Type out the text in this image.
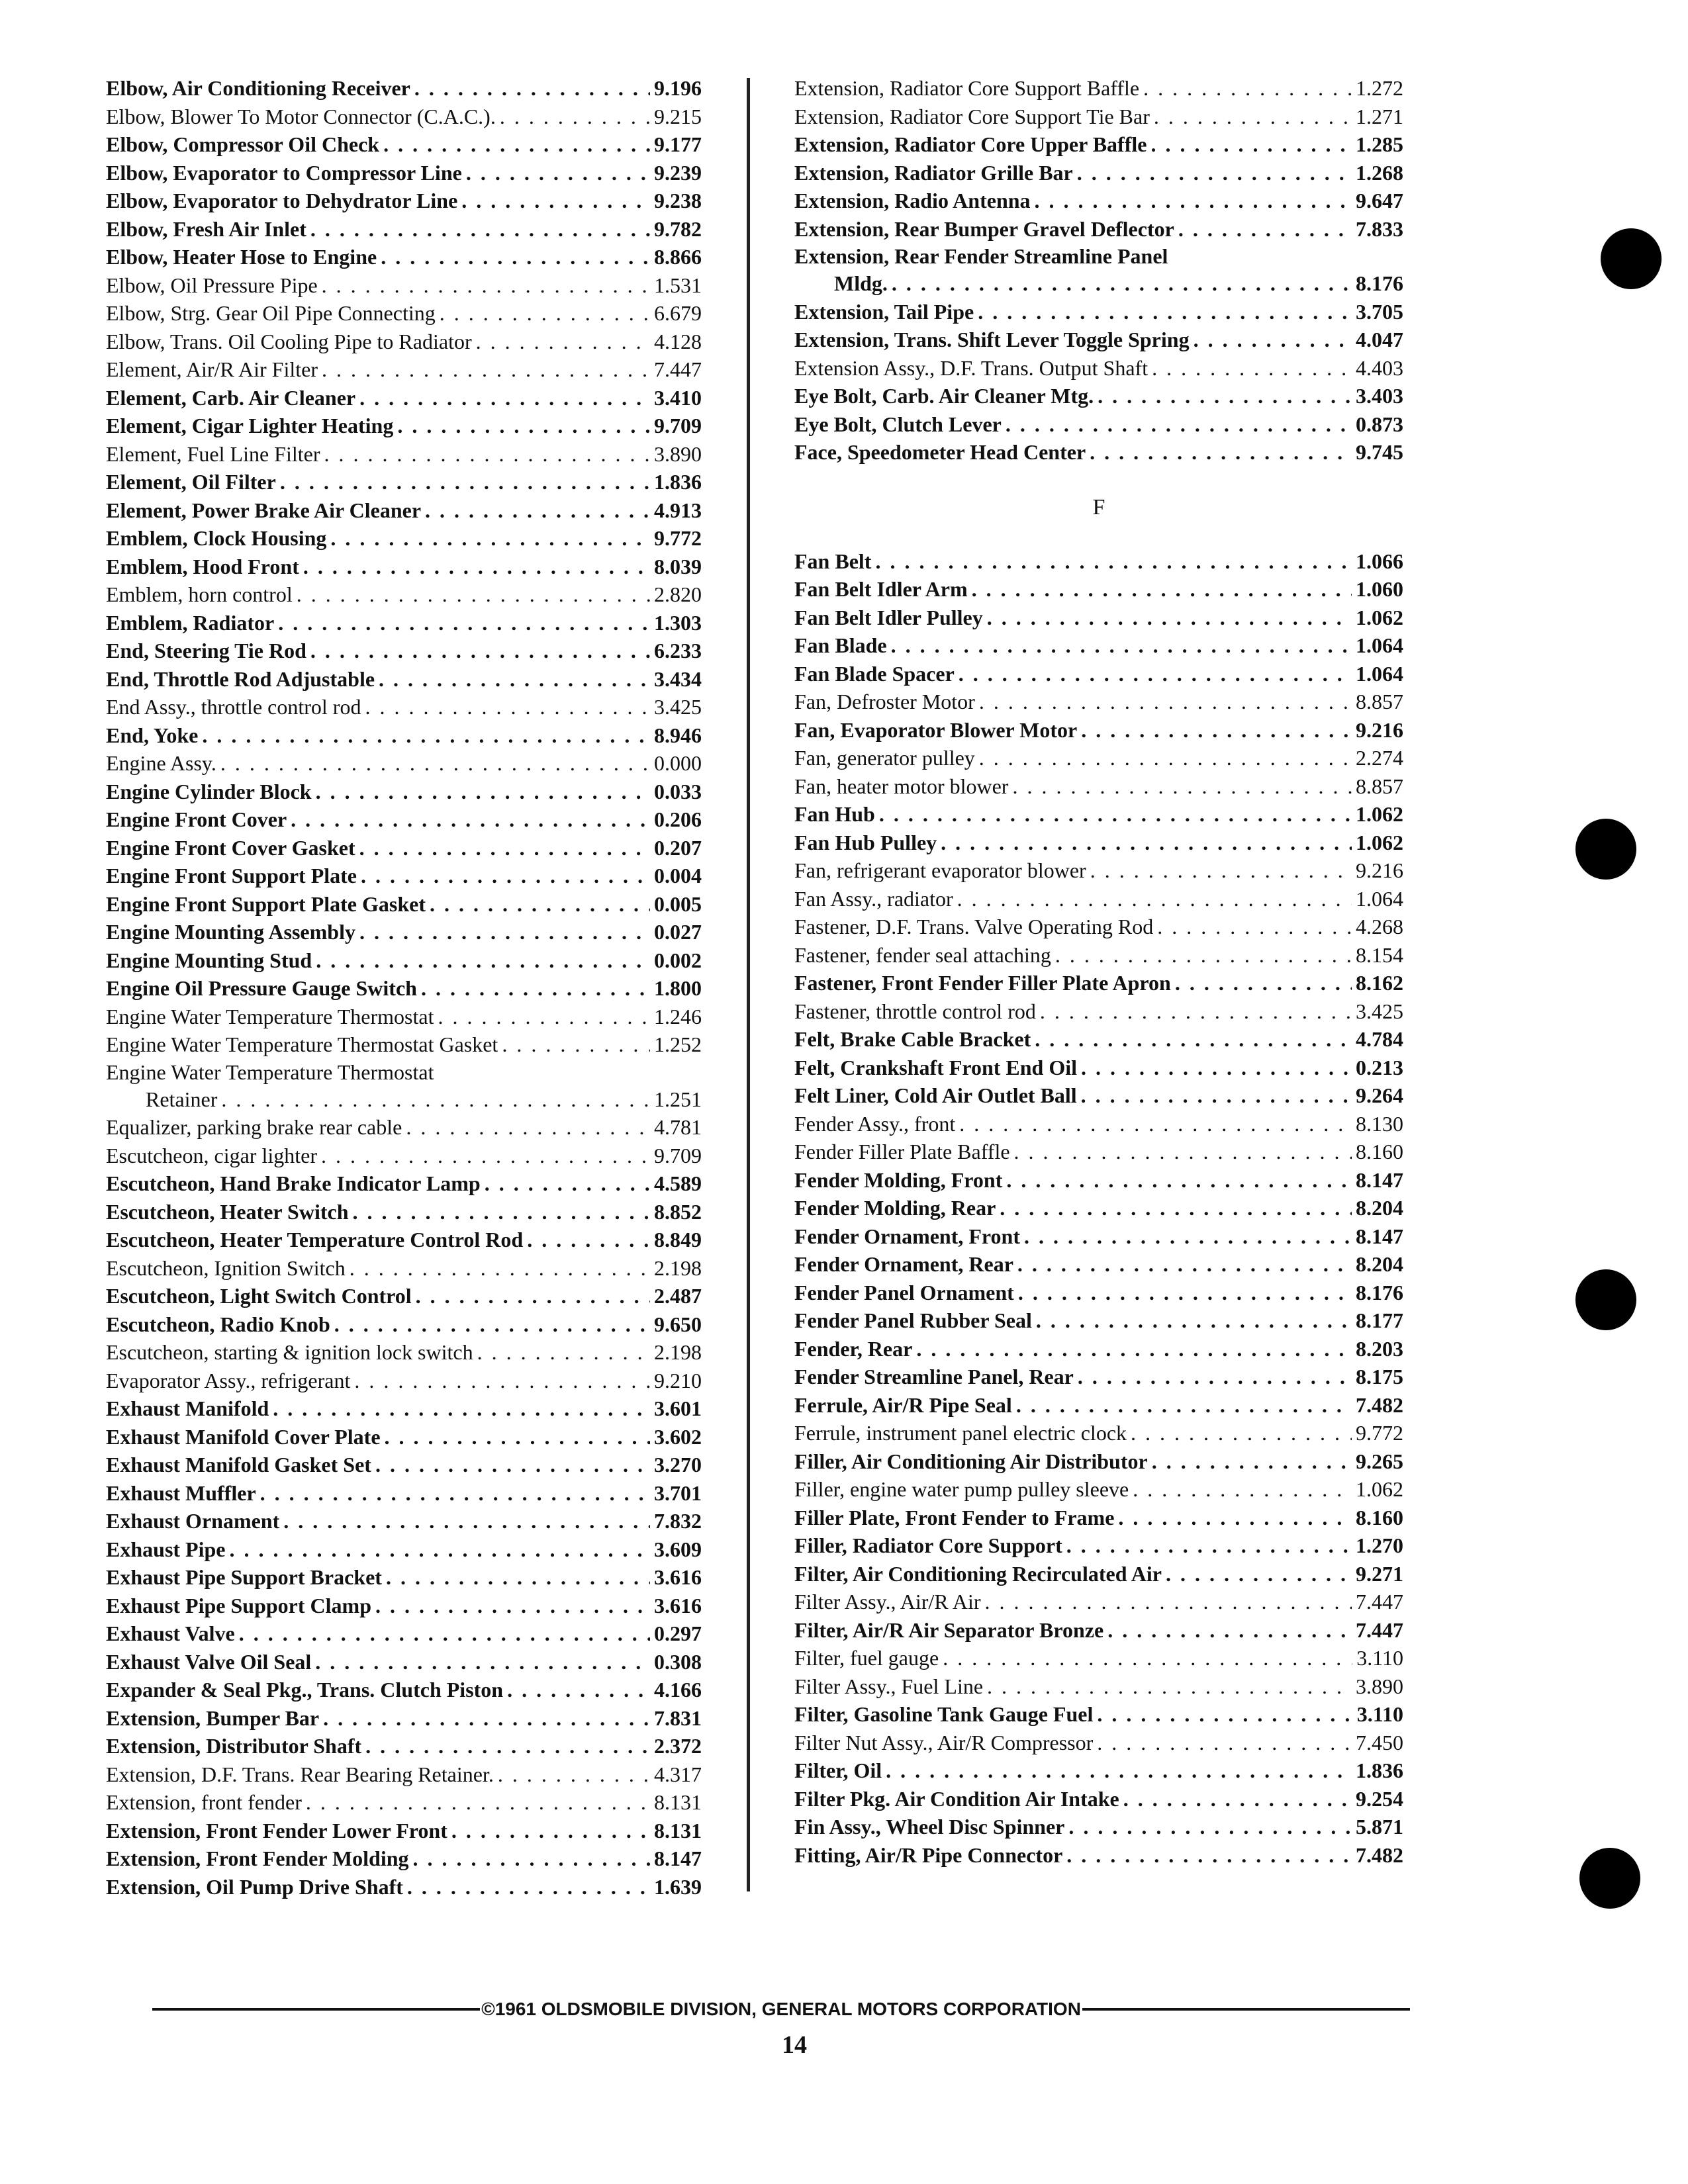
Elbow, Air Conditioning Receiver . . .	9.196
Elbow, Blower To Motor Connector (C.A.C.). . . .	9.215
Elbow, Compressor Oil Check . . .	9.177
Elbow, Evaporator to Compressor Line . . .	9.239
Elbow, Evaporator to Dehydrator Line . . .	9.238
Elbow, Fresh Air Inlet . . .	9.782
Elbow, Heater Hose to Engine . . .	8.866
Elbow, Oil Pressure Pipe . . .	1.531
Elbow, Strg. Gear Oil Pipe Connecting . . .	6.679
Elbow, Trans. Oil Cooling Pipe to Radiator . . .	4.128
Element, Air/R Air Filter . . .	7.447
Element, Carb. Air Cleaner . . .	3.410
Element, Cigar Lighter Heating . . .	9.709
Element, Fuel Line Filter . . .	3.890
Element, Oil Filter . . .	1.836
Element, Power Brake Air Cleaner . . .	4.913
Emblem, Clock Housing . . .	9.772
Emblem, Hood Front . . .	8.039
Emblem, horn control . . .	2.820
Emblem, Radiator . . .	1.303
End, Steering Tie Rod . . .	6.233
End, Throttle Rod Adjustable . . .	3.434
End Assy., throttle control rod . . .	3.425
End, Yoke . . .	8.946
Engine Assy. . . .	0.000
Engine Cylinder Block . . .	0.033
Engine Front Cover . . .	0.206
Engine Front Cover Gasket . . .	0.207
Engine Front Support Plate . . .	0.004
Engine Front Support Plate Gasket . . .	0.005
Engine Mounting Assembly . . .	0.027
Engine Mounting Stud . . .	0.002
Engine Oil Pressure Gauge Switch . . .	1.800
Engine Water Temperature Thermostat . . .	1.246
Engine Water Temperature Thermostat Gasket . . .	1.252
Engine Water Temperature Thermostat
Retainer . . .	1.251
Equalizer, parking brake rear cable . . .	4.781
Escutcheon, cigar lighter . . .	9.709
Escutcheon, Hand Brake Indicator Lamp . . .	4.589
Escutcheon, Heater Switch . . .	8.852
Escutcheon, Heater Temperature Control Rod . . .	8.849
Escutcheon, Ignition Switch . . .	2.198
Escutcheon, Light Switch Control . . .	2.487
Escutcheon, Radio Knob . . .	9.650
Escutcheon, starting & ignition lock switch . . .	2.198
Evaporator Assy., refrigerant . . .	9.210
Exhaust Manifold . . .	3.601
Exhaust Manifold Cover Plate . . .	3.602
Exhaust Manifold Gasket Set . . .	3.270
Exhaust Muffler . . .	3.701
Exhaust Ornament . . .	7.832
Exhaust Pipe . . .	3.609
Exhaust Pipe Support Bracket . . .	3.616
Exhaust Pipe Support Clamp . . .	3.616
Exhaust Valve . . .	0.297
Exhaust Valve Oil Seal . . .	0.308
Expander & Seal Pkg., Trans. Clutch Piston . . .	4.166
Extension, Bumper Bar . . .	7.831
Extension, Distributor Shaft . . .	2.372
Extension, D.F. Trans. Rear Bearing Retainer. . . .	4.317
Extension, front fender . . .	8.131
Extension, Front Fender Lower Front . . .	8.131
Extension, Front Fender Molding . . .	8.147
Extension, Oil Pump Drive Shaft . . .	1.639
Extension, Radiator Core Support Baffle . . .	1.272
Extension, Radiator Core Support Tie Bar . . .	1.271
Extension, Radiator Core Upper Baffle . . .	1.285
Extension, Radiator Grille Bar . . .	1.268
Extension, Radio Antenna . . .	9.647
Extension, Rear Bumper Gravel Deflector . . .	7.833
Extension, Rear Fender Streamline Panel
Mldg. . . .	8.176
Extension, Tail Pipe . . .	3.705
Extension, Trans. Shift Lever Toggle Spring . . .	4.047
Extension Assy., D.F. Trans. Output Shaft . . .	4.403
Eye Bolt, Carb. Air Cleaner Mtg. . . .	3.403
Eye Bolt, Clutch Lever . . .	0.873
Face, Speedometer Head Center . . .	9.745
F
Fan Belt . . .	1.066
Fan Belt Idler Arm . . .	1.060
Fan Belt Idler Pulley . . .	1.062
Fan Blade . . .	1.064
Fan Blade Spacer . . .	1.064
Fan, Defroster Motor . . .	8.857
Fan, Evaporator Blower Motor . . .	9.216
Fan, generator pulley . . .	2.274
Fan, heater motor blower . . .	8.857
Fan Hub . . .	1.062
Fan Hub Pulley . . .	1.062
Fan, refrigerant evaporator blower . . .	9.216
Fan Assy., radiator . . .	1.064
Fastener, D.F. Trans. Valve Operating Rod . . .	4.268
Fastener, fender seal attaching . . .	8.154
Fastener, Front Fender Filler Plate Apron . . .	8.162
Fastener, throttle control rod . . .	3.425
Felt, Brake Cable Bracket . . .	4.784
Felt, Crankshaft Front End Oil . . .	0.213
Felt Liner, Cold Air Outlet Ball . . .	9.264
Fender Assy., front . . .	8.130
Fender Filler Plate Baffle . . .	8.160
Fender Molding, Front . . .	8.147
Fender Molding, Rear . . .	8.204
Fender Ornament, Front . . .	8.147
Fender Ornament, Rear . . .	8.204
Fender Panel Ornament . . .	8.176
Fender Panel Rubber Seal . . .	8.177
Fender, Rear . . .	8.203
Fender Streamline Panel, Rear . . .	8.175
Ferrule, Air/R Pipe Seal . . .	7.482
Ferrule, instrument panel electric clock . . .	9.772
Filler, Air Conditioning Air Distributor . . .	9.265
Filler, engine water pump pulley sleeve . . .	1.062
Filler Plate, Front Fender to Frame . . .	8.160
Filler, Radiator Core Support . . .	1.270
Filter, Air Conditioning Recirculated Air . . .	9.271
Filter Assy., Air/R Air . . .	7.447
Filter, Air/R Air Separator Bronze . . .	7.447
Filter, fuel gauge . . .	3.110
Filter Assy., Fuel Line . . .	3.890
Filter, Gasoline Tank Gauge Fuel . . .	3.110
Filter Nut Assy., Air/R Compressor . . .	7.450
Filter, Oil . . .	1.836
Filter Pkg. Air Condition Air Intake . . .	9.254
Fin Assy., Wheel Disc Spinner . . .	5.871
Fitting, Air/R Pipe Connector . . .	7.482
©1961 OLDSMOBILE DIVISION, GENERAL MOTORS CORPORATION
14
